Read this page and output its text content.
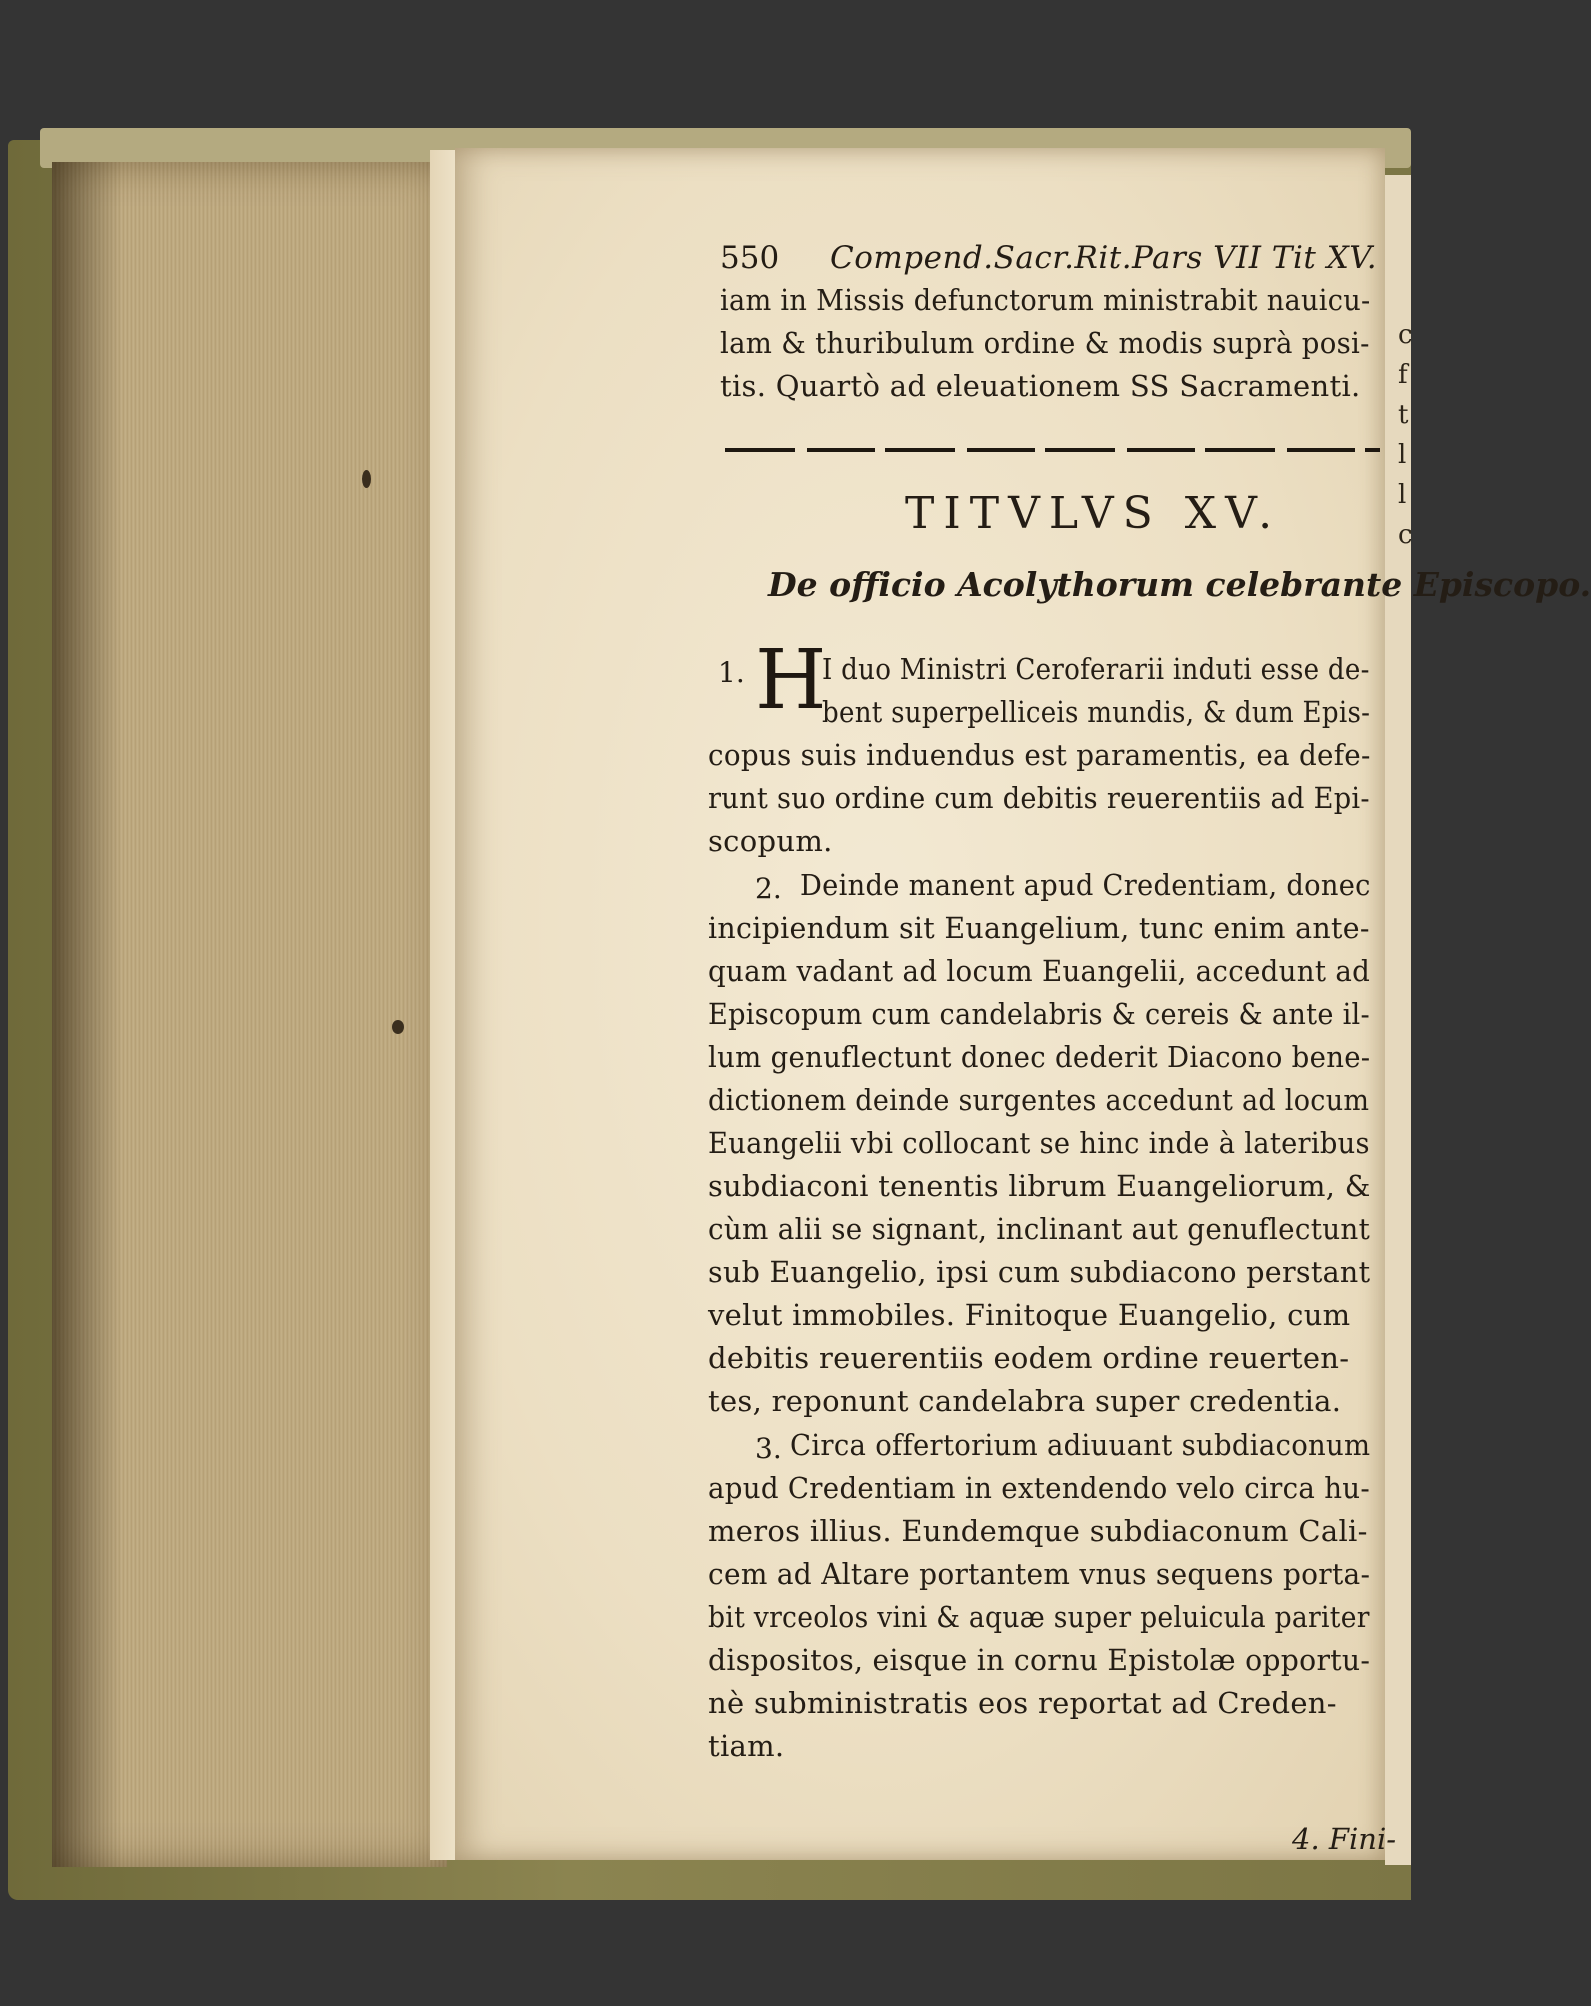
c
f
t
l
l
c
550 Compend.Sacr.Rit.Pars VII Tit XV.
iam in Missis defunctorum ministrabit nauicu-
lam & thuribulum ordine & modis suprà posi-
tis. Quartò ad eleuationem SS Sacramenti.
TITVLVS XV.
De officio Acolythorum celebrante Episcopo.
1. H
I duo Ministri Ceroferarii induti esse de-
bent superpelliceis mundis, & dum Epis-
copus suis induendus est paramentis, ea defe-
runt suo ordine cum debitis reuerentiis ad Epi-
scopum.
2. Deinde manent apud Credentiam, donec
incipiendum sit Euangelium, tunc enim ante-
quam vadant ad locum Euangelii, accedunt ad
Episcopum cum candelabris & cereis & ante il-
lum genuflectunt donec dederit Diacono bene-
dictionem deinde surgentes accedunt ad locum
Euangelii vbi collocant se hinc inde à lateribus
subdiaconi tenentis librum Euangeliorum, &
cùm alii se signant, inclinant aut genuflectunt
sub Euangelio, ipsi cum subdiacono perstant
velut immobiles. Finitoque Euangelio, cum
debitis reuerentiis eodem ordine reuerten-
tes, reponunt candelabra super credentia.
3. Circa offertorium adiuuant subdiaconum
apud Credentiam in extendendo velo circa hu-
meros illius. Eundemque subdiaconum Cali-
cem ad Altare portantem vnus sequens porta-
bit vrceolos vini & aquæ super peluicula pariter
dispositos, eisque in cornu Epistolæ opportu-
nè subministratis eos reportat ad Creden-
tiam.
4. Fini-
